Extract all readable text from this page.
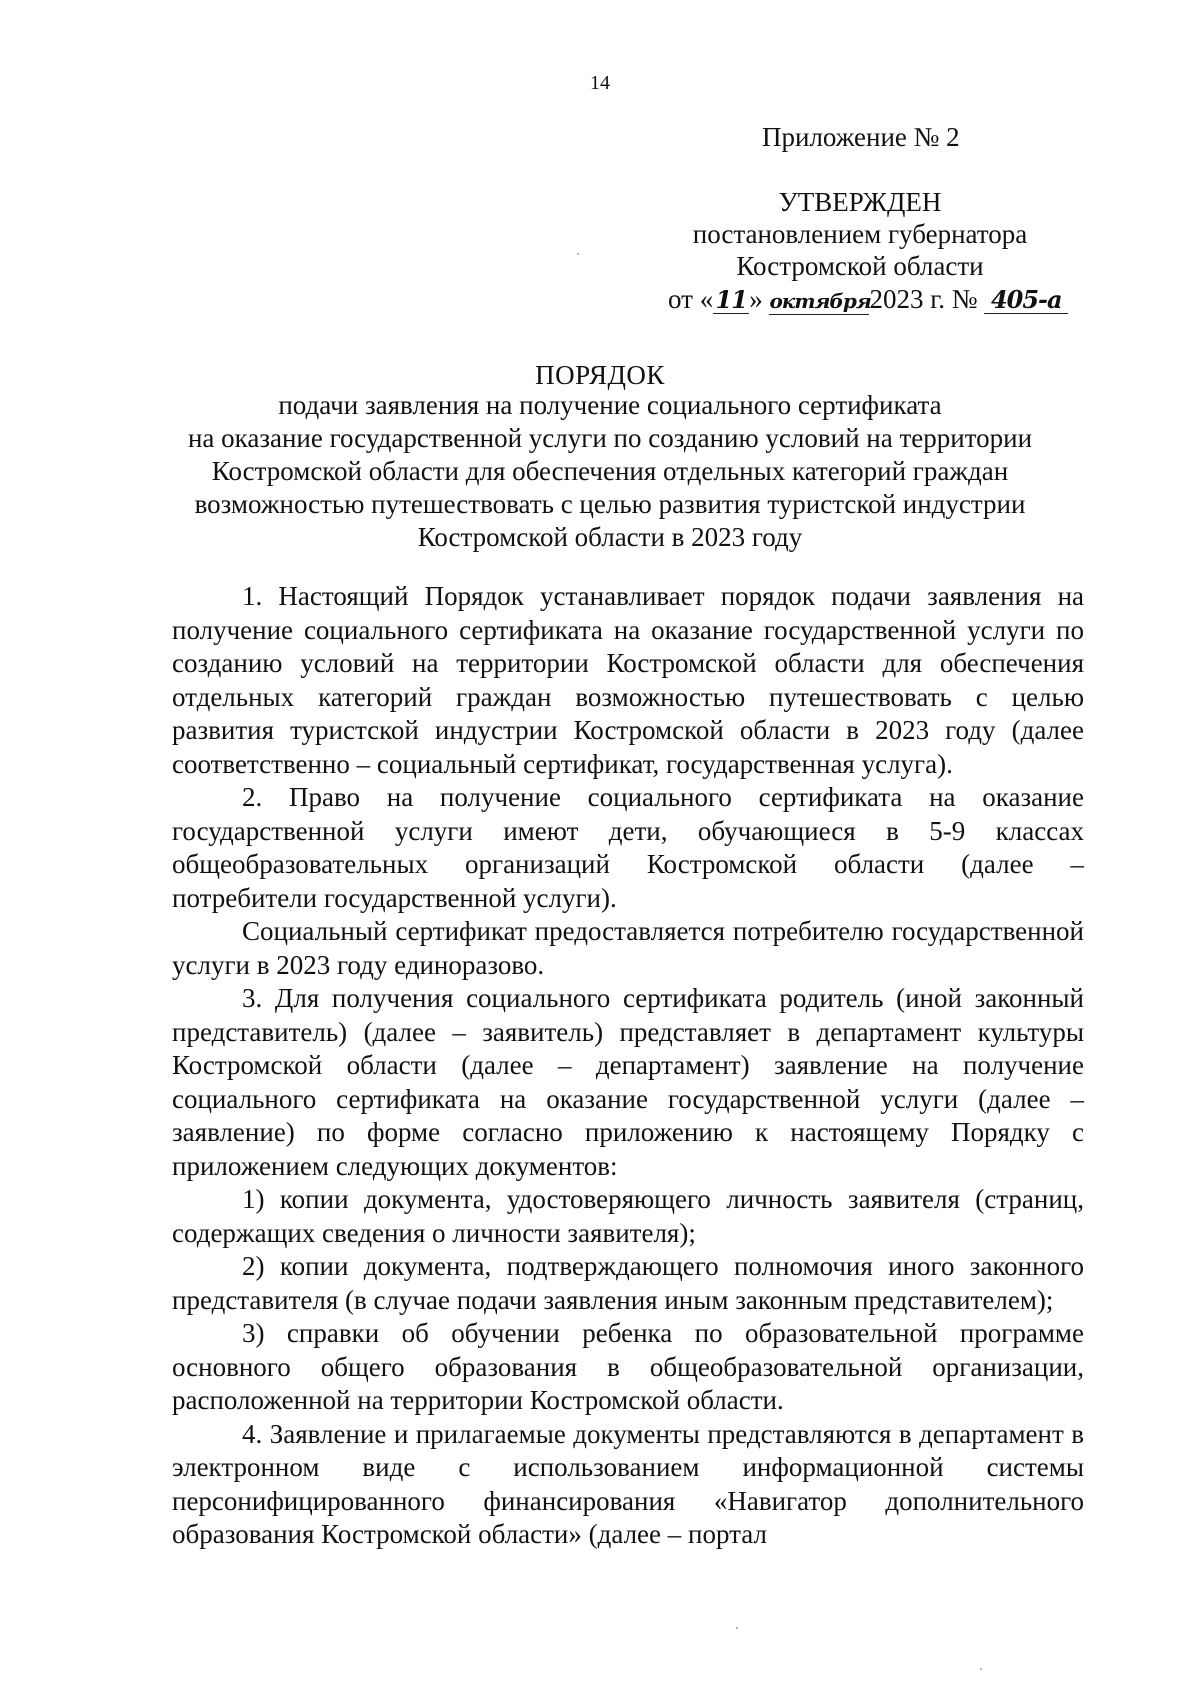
14
Приложение № 2
УТВЕРЖДЕН
постановлением губернатора
Костромской области
от «11» октября2023 г. № 405-а
ПОРЯДОК
подачи заявления на получение социального сертификата
на оказание государственной услуги по созданию условий на территории
Костромской области для обеспечения отдельных категорий граждан
возможностью путешествовать с целью развития туристской индустрии
Костромской области в 2023 году

1. Настоящий Порядок устанавливает порядок подачи заявления на получение социального сертификата на оказание государственной услуги по созданию условий на территории Костромской области для обеспечения отдельных категорий граждан возможностью путешествовать с целью развития туристской индустрии Костромской области в 2023 году (далее соответственно – социальный сертификат, государственная услуга).

2. Право на получение социального сертификата на оказание государственной услуги имеют дети, обучающиеся в 5-9 классах общеобразовательных организаций Костромской области (далее – потребители государственной услуги).

Социальный сертификат предоставляется потребителю государственной услуги в 2023 году единоразово.

3. Для получения социального сертификата родитель (иной законный представитель) (далее – заявитель) представляет в департамент культуры Костромской области (далее – департамент) заявление на получение социального сертификата на оказание государственной услуги (далее – заявление) по форме согласно приложению к настоящему Порядку с приложением следующих документов:

1) копии документа, удостоверяющего личность заявителя (страниц, содержащих сведения о личности заявителя);

2) копии документа, подтверждающего полномочия иного законного представителя (в случае подачи заявления иным законным представителем);

3) справки об обучении ребенка по образовательной программе основного общего образования в общеобразовательной организации, расположенной на территории Костромской области.

4. Заявление и прилагаемые документы представляются в департамент в электронном виде с использованием информационной системы персонифицированного финансирования «Навигатор дополнительного образования Костромской области» (далее – портал
